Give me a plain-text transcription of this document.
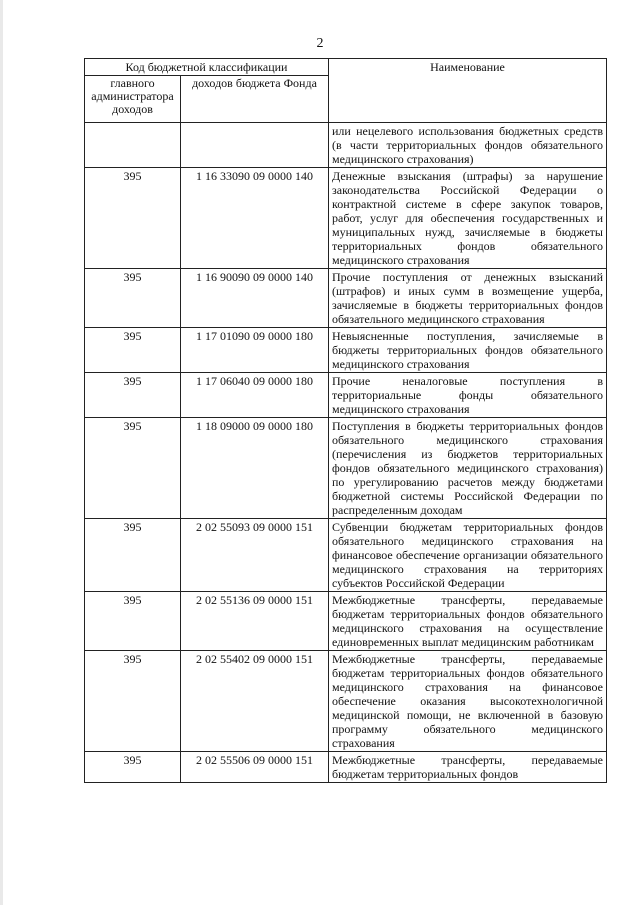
2
Код бюджетной классификации		Наименование
главного администратора доходов	доходов бюджета Фонда	
		или нецелевого использования бюджетных средств (в части территориальных фондов обязательного медицинского страхования)
395	1 16 33090 09 0000 140	Денежные взыскания (штрафы) за нарушение законодательства Российской Федерации о контрактной системе в сфере закупок товаров, работ, услуг для обеспечения государственных и муниципальных нужд, зачисляемые в бюджеты территориальных фондов обязательного медицинского страхования
395	1 16 90090 09 0000 140	Прочие поступления от денежных взысканий (штрафов) и иных сумм в возмещение ущерба, зачисляемые в бюджеты территориальных фондов обязательного медицинского страхования
395	1 17 01090 09 0000 180	Невыясненные поступления, зачисляемые в бюджеты территориальных фондов обязательного медицинского страхования
395	1 17 06040 09 0000 180	Прочие неналоговые поступления в территориальные фонды обязательного медицинского страхования
395	1 18 09000 09 0000 180	Поступления в бюджеты территориальных фондов обязательного медицинского страхования (перечисления из бюджетов территориальных фондов обязательного медицинского страхования) по урегулированию расчетов между бюджетами бюджетной системы Российской Федерации по распределенным доходам
395	2 02 55093 09 0000 151	Субвенции бюджетам территориальных фондов обязательного медицинского страхования на финансовое обеспечение организации обязательного медицинского страхования на территориях субъектов Российской Федерации
395	2 02 55136 09 0000 151	Межбюджетные трансферты, передаваемые бюджетам территориальных фондов обязательного медицинского страхования на осуществление единовременных выплат медицинским работникам
395	2 02 55402 09 0000 151	Межбюджетные трансферты, передаваемые бюджетам территориальных фондов обязательного медицинского страхования на финансовое обеспечение оказания высокотехнологичной медицинской помощи, не включенной в базовую программу обязательного медицинского страхования
395	2 02 55506 09 0000 151	Межбюджетные трансферты, передаваемые бюджетам территориальных фондов
